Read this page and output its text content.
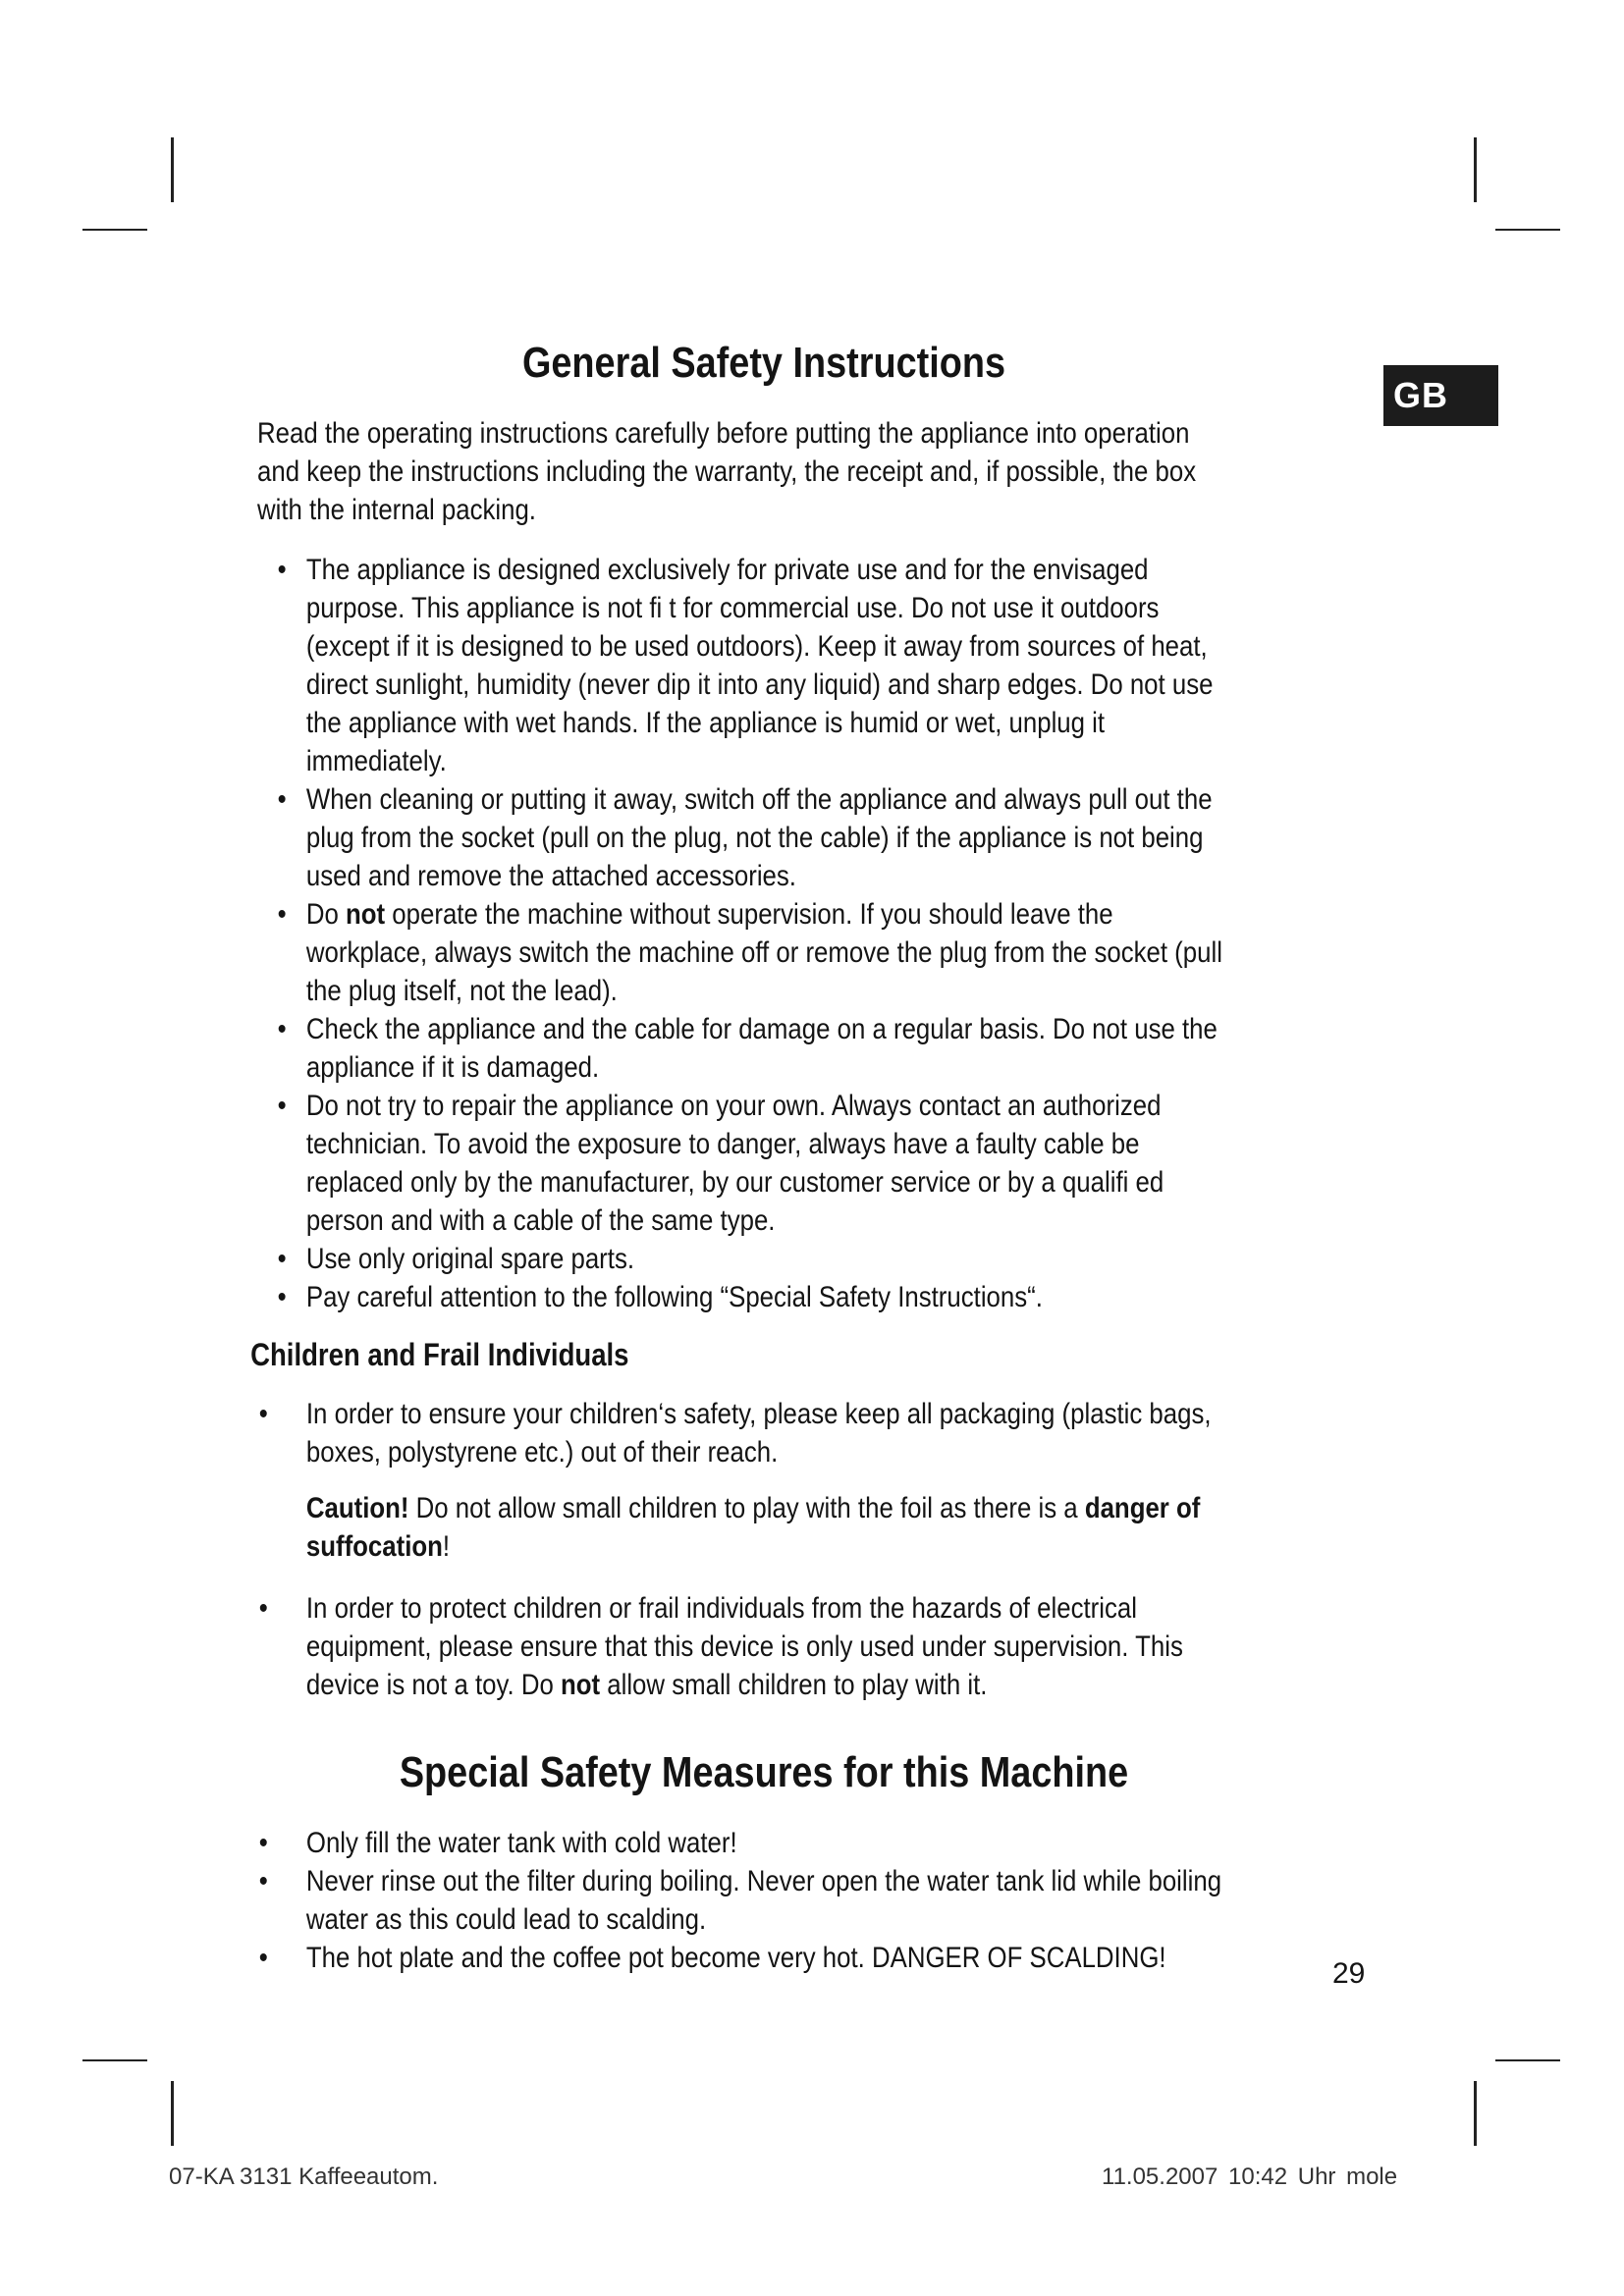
GB
General Safety Instructions

Read the operating instructions carefully before putting the appliance into operation and keep the instructions including the warranty, the receipt and, if possible, the box with the internal packing.

• The appliance is designed exclusively for private use and for the envisaged purpose. This appliance is not fi t for commercial use. Do not use it outdoors (except if it is designed to be used outdoors). Keep it away from sources of heat, direct sunlight, humidity (never dip it into any liquid) and sharp edges. Do not use the appliance with wet hands. If the appliance is humid or wet, unplug it immediately.
• When cleaning or putting it away, switch off the appliance and always pull out the plug from the socket (pull on the plug, not the cable) if the appliance is not being used and remove the attached accessories.
• Do not operate the machine without supervision. If you should leave the workplace, always switch the machine off or remove the plug from the socket (pull the plug itself, not the lead).
• Check the appliance and the cable for damage on a regular basis. Do not use the appliance if it is damaged.
• Do not try to repair the appliance on your own. Always contact an authorized technician. To avoid the exposure to danger, always have a faulty cable be replaced only by the manufacturer, by our customer service or by a qualifi ed person and with a cable of the same type.
• Use only original spare parts.
• Pay careful attention to the following “Special Safety Instructions“.
Children and Frail Individuals
• In order to ensure your children‘s safety, please keep all packaging (plastic bags, boxes, polystyrene etc.) out of their reach.

Caution! Do not allow small children to play with the foil as there is a danger of suffocation!

• In order to protect children or frail individuals from the hazards of electrical equipment, please ensure that this device is only used under supervision. This device is not a toy. Do not allow small children to play with it.
Special Safety Measures for this Machine
• Only fill the water tank with cold water!
• Never rinse out the filter during boiling. Never open the water tank lid while boiling water as this could lead to scalding.
• The hot plate and the coffee pot become very hot. DANGER OF SCALDING!	29
07-KA 3131 Kaffeeautom.	11.05.2007 10:42 Uhr mole
